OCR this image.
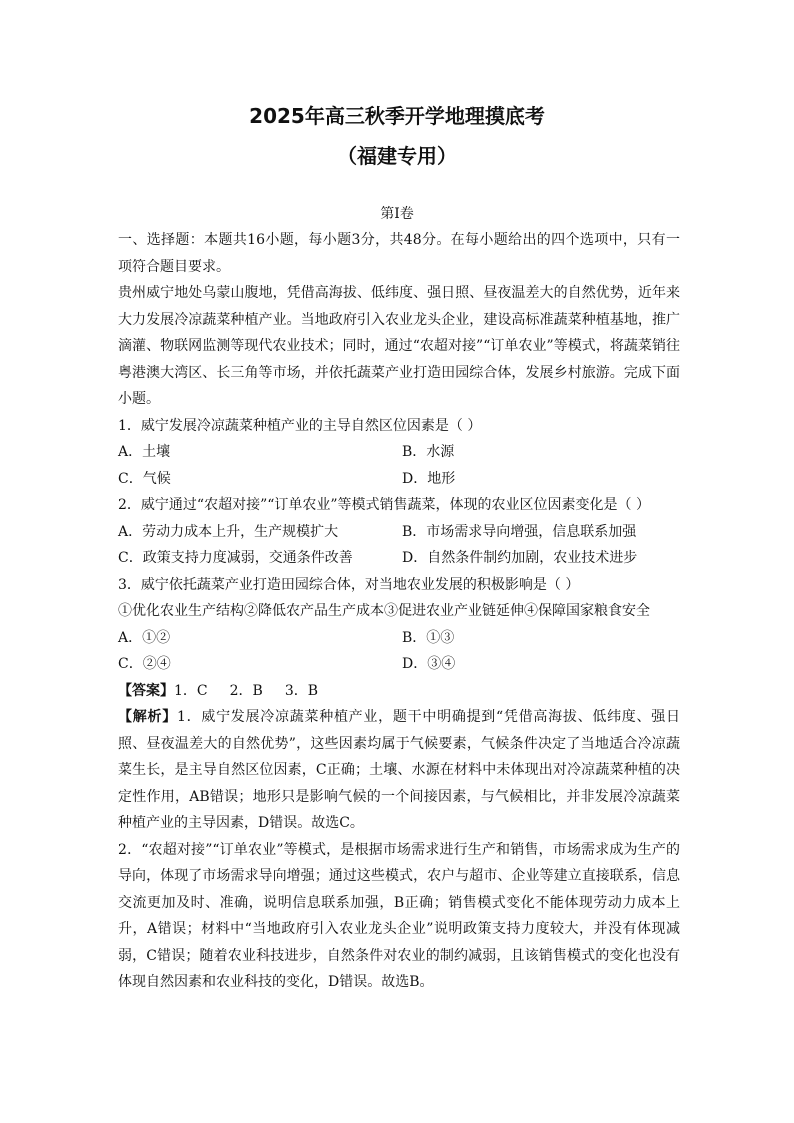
2025年高三秋季开学地理摸底考
（福建专用）
第I卷

一、选择题：本题共16小题，每小题3分，共48分。在每小题给出的四个选项中，只有一项符合题目要求。

贵州威宁地处乌蒙山腹地，凭借高海拔、低纬度、强日照、昼夜温差大的自然优势，近年来大力发展冷凉蔬菜种植产业。当地政府引入农业龙头企业，建设高标准蔬菜种植基地，推广滴灌、物联网监测等现代农业技术；同时，通过“农超对接”“订单农业”等模式，将蔬菜销往粤港澳大湾区、长三角等市场，并依托蔬菜产业打造田园综合体，发展乡村旅游。完成下面小题。

1．威宁发展冷凉蔬菜种植产业的主导自然区位因素是（ ）

A．土壤	B．水源
C．气候	D．地形

2．威宁通过“农超对接”“订单农业”等模式销售蔬菜，体现的农业区位因素变化是（ ）

A．劳动力成本上升，生产规模扩大	B．市场需求导向增强，信息联系加强
C．政策支持力度减弱，交通条件改善	D．自然条件制约加剧，农业技术进步

3．威宁依托蔬菜产业打造田园综合体，对当地农业发展的积极影响是（ ）

①优化农业生产结构②降低农产品生产成本③促进农业产业链延伸④保障国家粮食安全

A．①②	B．①③
C．②④	D．③④

【答案】1．C 2．B 3．B

【解析】1．威宁发展冷凉蔬菜种植产业，题干中明确提到“凭借高海拔、低纬度、强日照、昼夜温差大的自然优势”，这些因素均属于气候要素，气候条件决定了当地适合冷凉蔬菜生长，是主导自然区位因素，C正确；土壤、水源在材料中未体现出对冷凉蔬菜种植的决定性作用，AB错误；地形只是影响气候的一个间接因素，与气候相比，并非发展冷凉蔬菜种植产业的主导因素，D错误。故选C。

2．“农超对接”“订单农业”等模式，是根据市场需求进行生产和销售，市场需求成为生产的导向，体现了市场需求导向增强；通过这些模式，农户与超市、企业等建立直接联系，信息交流更加及时、准确，说明信息联系加强，B正确；销售模式变化不能体现劳动力成本上升，A错误；材料中“当地政府引入农业龙头企业”说明政策支持力度较大，并没有体现减弱，C错误；随着农业科技进步，自然条件对农业的制约减弱，且该销售模式的变化也没有体现自然因素和农业科技的变化，D错误。故选B。
